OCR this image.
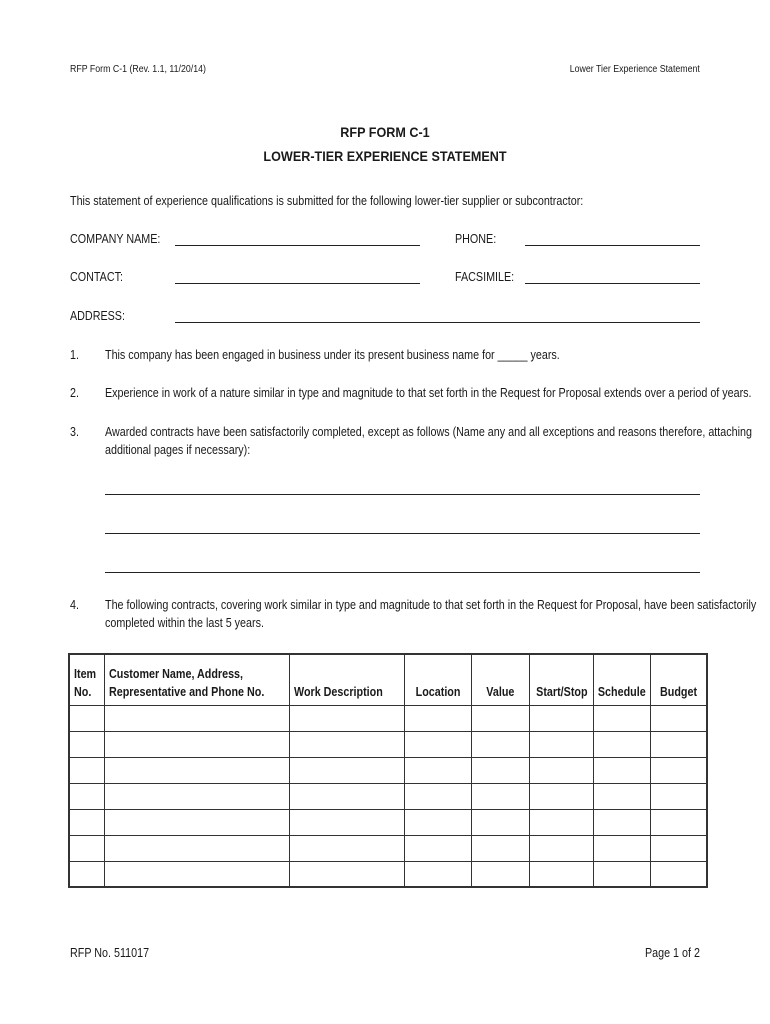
RFP Form C-1 (Rev. 1.1, 11/20/14)	Lower Tier Experience Statement
RFP FORM C-1
LOWER-TIER EXPERIENCE STATEMENT
This statement of experience qualifications is submitted for the following lower-tier supplier or subcontractor:
COMPANY NAME:	PHONE:
CONTACT:	FACSIMILE:
ADDRESS:
1. This company has been engaged in business under its present business name for _____ years.
2. Experience in work of a nature similar in type and magnitude to that set forth in the Request for Proposal extends over a period of years.
3. Awarded contracts have been satisfactorily completed, except as follows (Name any and all exceptions and reasons therefore, attaching
additional pages if necessary):
4. The following contracts, covering work similar in type and magnitude to that set forth in the Request for Proposal, have been satisfactorily
completed within the last 5 years.
Item
No.	Customer Name, Address,
Representative and Phone No.	Work Description	Location	Value	Start/Stop	Schedule	Budget

RFP No. 511017	Page 1 of 2
